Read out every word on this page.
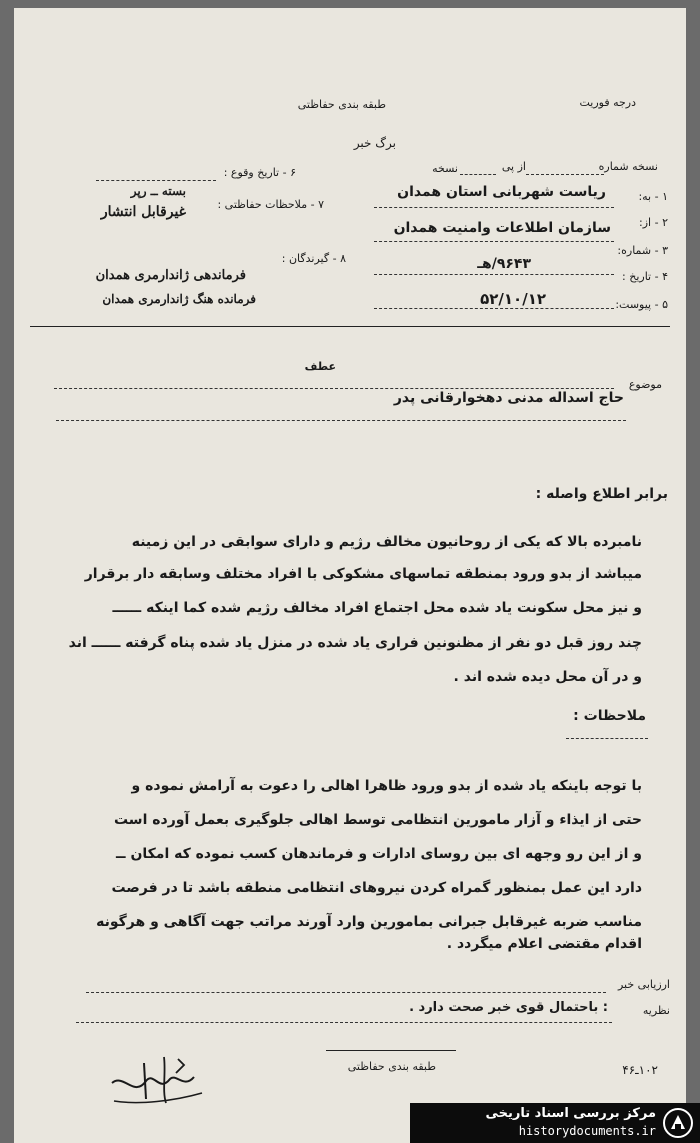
درجه فوریت
طبقه بندی حفاظتی
برگ خبر
نسخه شماره
از پی
نسخه
۶ - تاریخ وقوع :
۱ - به:
ریاست شهربانی استان همدان
۲ - از:
سازمان اطلاعات وامنیت همدان
۳ - شماره:
۹۶۴۳/هـ
۴ - تاریخ :
۵۲/۱۰/۱۲	۵ - پیوست:
۷ - ملاحظات حفاظتی :
بسته ــ رپر
غیرقابل انتشار
۸ - گیرندگان :
فرماندهی ژاندارمری همدان
فرمانده هنگ ژاندارمری همدان
عطف
موضوع
حاج اسداله مدنی دهخوارقانی پدر
برابر اطلاع واصله :
نامبرده بالا که یکی از روحانیون مخالف رژیم و دارای سوابقی در این زمینه
میباشد از بدو ورود بمنطقه تماسهای مشکوکی با افراد مختلف وسابقه دار برقرار
و نیز محل سکونت یاد شده محل اجتماع افراد مخالف رژیم شده کما اینکه ــــــ
چند روز قبل دو نفر از مظنونین فراری یاد شده در منزل یاد شده پناه گرفته ــــــ اند
و در آن محل دیده شده اند .
ملاحظات :
با توجه باینکه یاد شده از بدو ورود ظاهرا اهالی را دعوت به آرامش نموده و
حتی از ایذاء و آزار مامورین انتظامی توسط اهالی جلوگیری بعمل آورده است
و از این رو وجهه ای بین روسای ادارات و فرماندهان کسب نموده که امکان ــ
دارد این عمل بمنظور گمراه کردن نیروهای انتظامی منطقه باشد تا در فرصت
مناسب ضربه غیرقابل جبرانی بمامورین وارد آورند مراتب جهت آگاهی و هرگونه
اقدام مقتضی اعلام میگردد .
ارزیابی خبر
نظریه
: باحتمال قوی خبر صحت دارد .
طبقه بندی حفاظتی	۱۰۲ـ۴۶
مرکز بررسی اسناد تاریخی
historydocuments.ir
